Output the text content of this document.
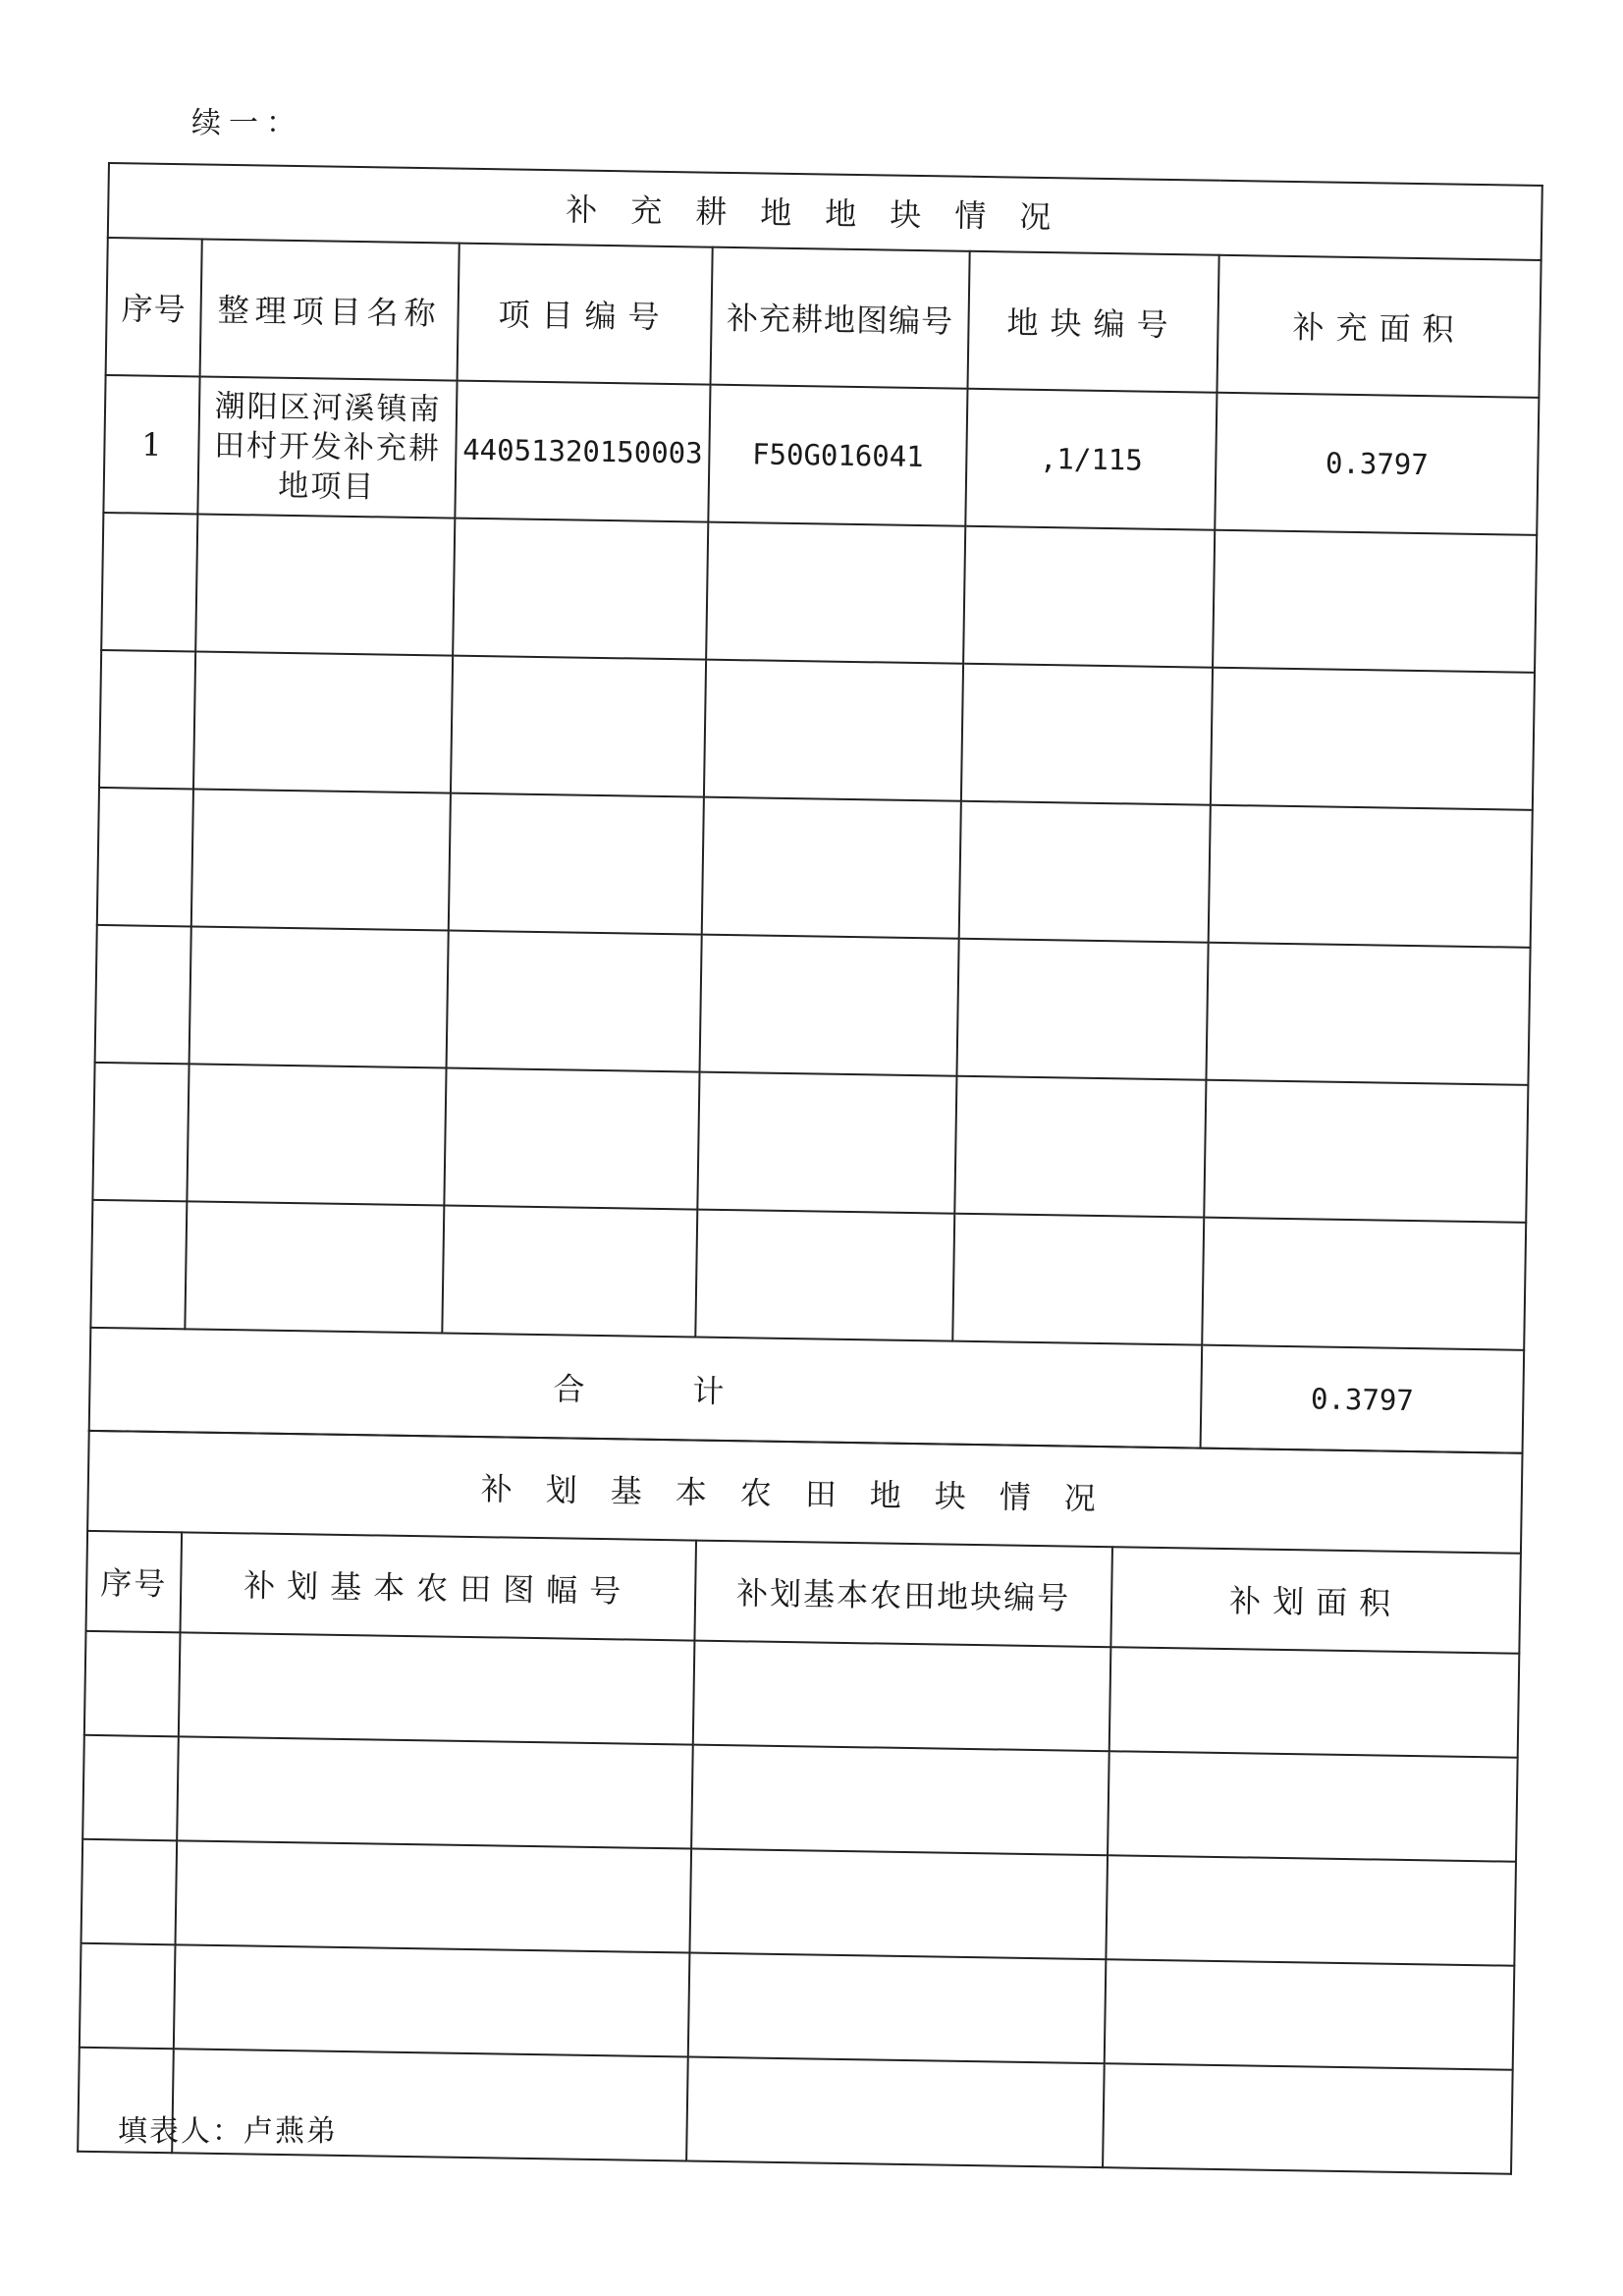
续一：
补充耕地地块情况					
序号	整理项目名称	项目编号	补充耕地图编号	地块编号	补充面积
1	潮阳区河溪镇南田村开发补充耕地项目	44051320150003	F50G016041	,1/115	0.3797

合计					0.3797
补划基本农田地块情况			
序号	补划基本农田图幅号	补划基本农田地块编号	补划面积

填表人：卢燕弟
